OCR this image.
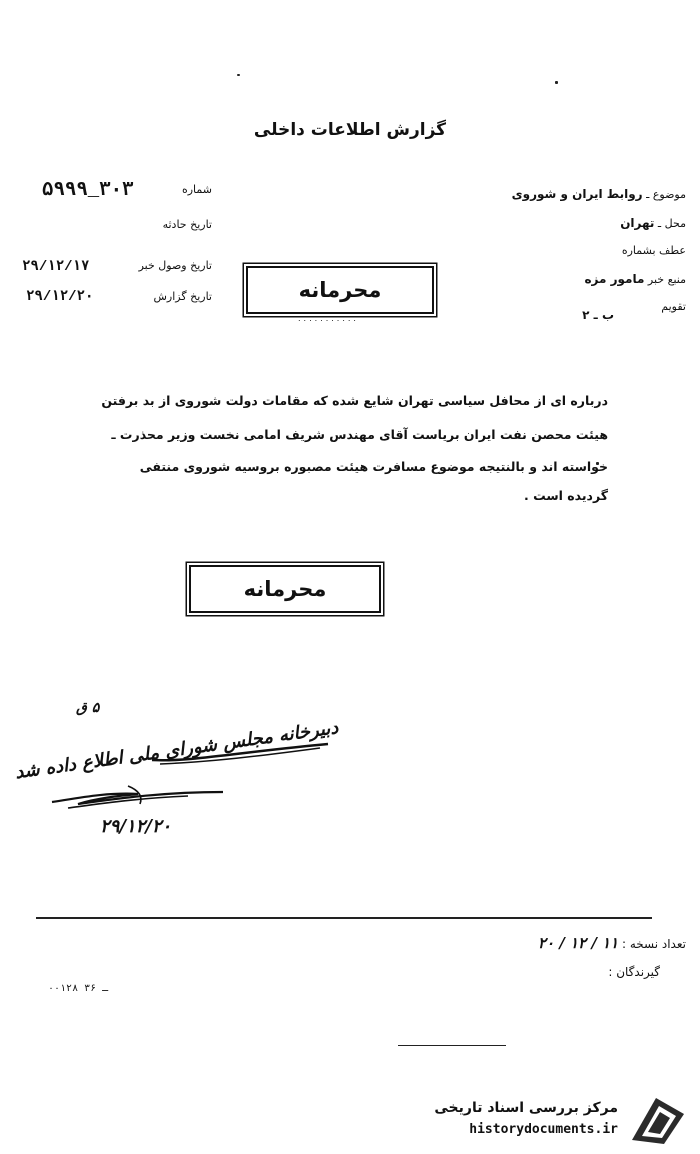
گزارش اطلاعات داخلی
شماره
۵۹۹۹_۳۰۳
تاریخ حادثه
تاریخ وصول خبر
۲۹/۱۲/۱۷
تاریخ گزارش
۲۹/۱۲/۲۰
موضوع ـ روابط ایران و شوروی
محل ـ تهران
عطف بشماره
منبع خبر مامور مزه
تقویم
ب ـ ۲
محرمانه
...........
درباره ای از محافل سیاسی تهران شایع شده که مقامات دولت شوروی از بد برفتن
هیئت محصن نفت ایران بریاست آقای مهندس شریف امامی نخست وزیر محذرت ـ
خواسته اند و بالنتیجه موضوع مسافرت هیئت مصبوره بروسیه شوروی منتفی
گردیده است .
محرمانه
دبیرخانه مجلس شورای ملی اطلاع داده شد
۵ ق
۲۹/۱۲/۲۰
تعداد نسخه : ۱۱ / ۱۲ / ۲۰
گیرندگان :
۰۰۱۲۸ ـ ۳۶
مرکز بررسی اسناد تاریخی
historydocuments.ir
